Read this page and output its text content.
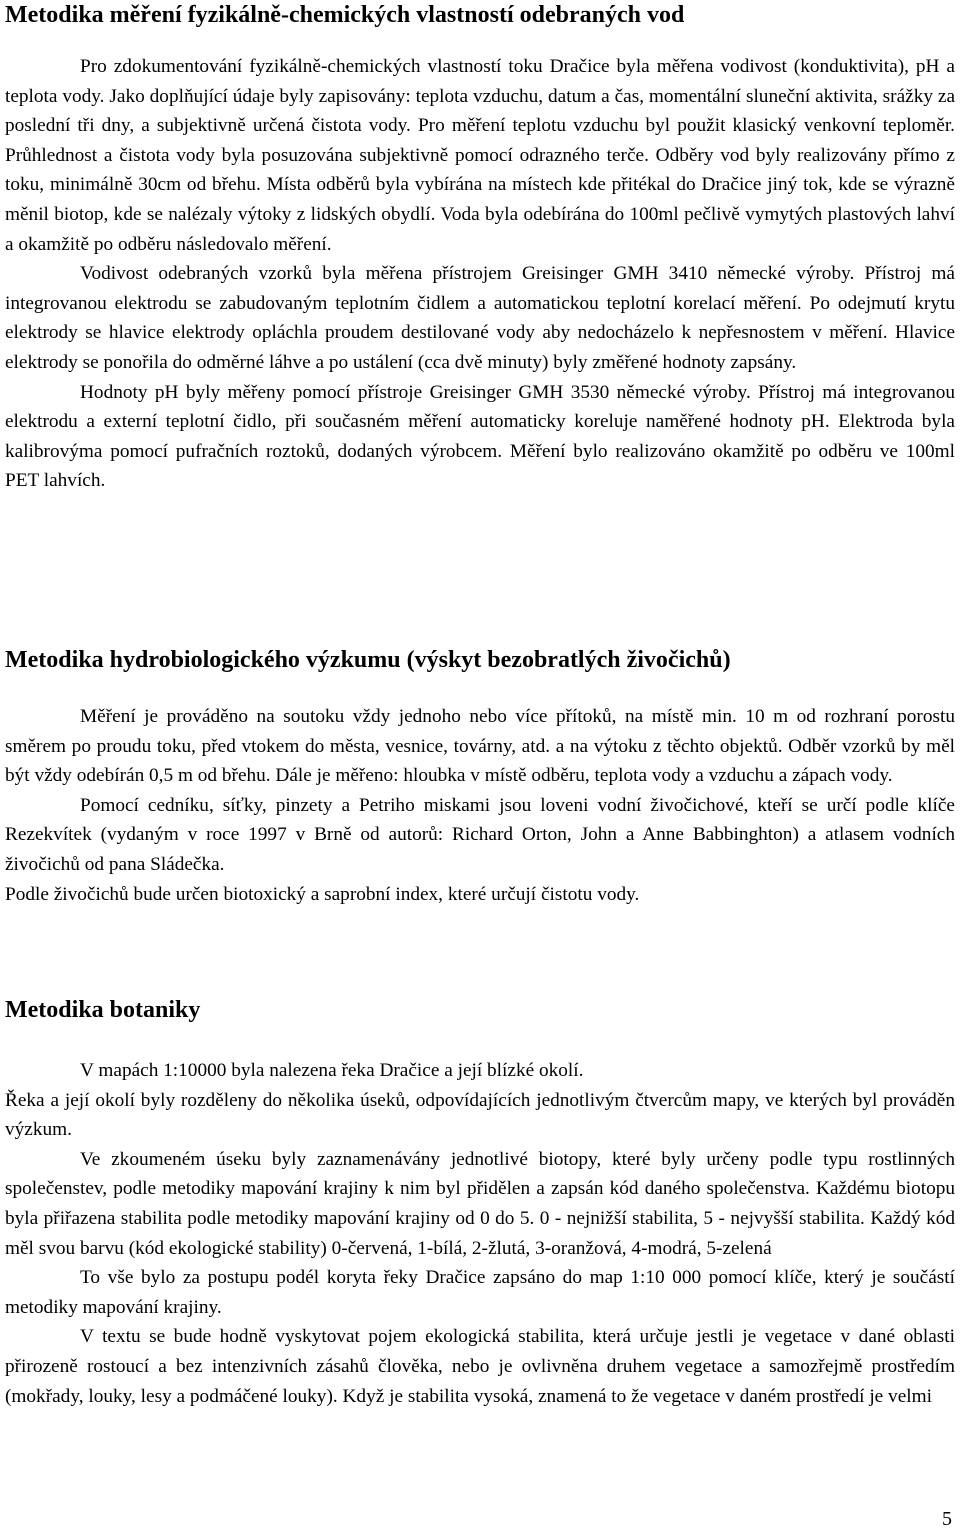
Metodika měření fyzikálně-chemických vlastností odebraných vod

Pro zdokumentování fyzikálně-chemických vlastností toku Dračice byla měřena vodivost (konduktivita), pH a teplota vody. Jako doplňující údaje byly zapisovány: teplota vzduchu, datum a čas, momentální sluneční aktivita, srážky za poslední tři dny, a subjektivně určená čistota vody. Pro měření teplotu vzduchu byl použit klasický venkovní teploměr. Průhlednost a čistota vody byla posuzována subjektivně pomocí odrazného terče. Odběry vod byly realizovány přímo z toku, minimálně 30cm od břehu. Místa odběrů byla vybírána na místech kde přitékal do Dračice jiný tok, kde se výrazně měnil biotop, kde se nalézaly výtoky z lidských obydlí. Voda byla odebírána do 100ml pečlivě vymytých plastových lahví a okamžitě po odběru následovalo měření.

Vodivost odebraných vzorků byla měřena přístrojem Greisinger GMH 3410 německé výroby. Přístroj má integrovanou elektrodu se zabudovaným teplotním čidlem a automatickou teplotní korelací měření. Po odejmutí krytu elektrody se hlavice elektrody opláchla proudem destilované vody aby nedocházelo k nepřesnostem v měření. Hlavice elektrody se ponořila do odměrné láhve a po ustálení (cca dvě minuty) byly změřené hodnoty zapsány.

Hodnoty pH byly měřeny pomocí přístroje Greisinger GMH 3530 německé výroby. Přístroj má integrovanou elektrodu a externí teplotní čidlo, při současném měření automaticky koreluje naměřené hodnoty pH. Elektroda byla kalibrovýma pomocí pufračních roztoků, dodaných výrobcem. Měření bylo realizováno okamžitě po odběru ve 100ml PET lahvích.

Metodika hydrobiologického výzkumu (výskyt bezobratlých živočichů)

Měření je prováděno na soutoku vždy jednoho nebo více přítoků, na místě min. 10 m od rozhraní porostu směrem po proudu toku, před vtokem do města, vesnice, továrny, atd. a na výtoku z těchto objektů. Odběr vzorků by měl být vždy odebírán 0,5 m od břehu. Dále je měřeno: hloubka v místě odběru, teplota vody a vzduchu a zápach vody.

Pomocí cedníku, síťky, pinzety a Petriho miskami jsou loveni vodní živočichové, kteří se určí podle klíče Rezekvítek (vydaným v roce 1997 v Brně od autorů: Richard Orton, John a Anne Babbinghton) a atlasem vodních živočichů od pana Sládečka.

Podle živočichů bude určen biotoxický a saprobní index, které určují čistotu vody.

Metodika botaniky

V mapách 1:10000 byla nalezena řeka Dračice a její blízké okolí.

Řeka a její okolí byly rozděleny do několika úseků, odpovídajících jednotlivým čtvercům mapy, ve kterých byl prováděn výzkum.

Ve zkoumeném úseku byly zaznamenávány jednotlivé biotopy, které byly určeny podle typu rostlinných společenstev, podle metodiky mapování krajiny k nim byl přidělen a zapsán kód daného společenstva. Každému biotopu byla přiřazena stabilita podle metodiky mapování krajiny od 0 do 5. 0 - nejnižší stabilita, 5 - nejvyšší stabilita. Každý kód měl svou barvu (kód ekologické stability) 0-červená, 1-bílá, 2-žlutá, 3-oranžová, 4-modrá, 5-zelená

To vše bylo za postupu podél koryta řeky Dračice zapsáno do map 1:10 000 pomocí klíče, který je součástí metodiky mapování krajiny.

V textu se bude hodně vyskytovat pojem ekologická stabilita, která určuje jestli je vegetace v dané oblasti přirozeně rostoucí a bez intenzivních zásahů člověka, nebo je ovlivněna druhem vegetace a samozřejmě prostředím (mokřady, louky, lesy a podmáčené louky). Když je stabilita vysoká, znamená to že vegetace v daném prostředí je velmi

5
